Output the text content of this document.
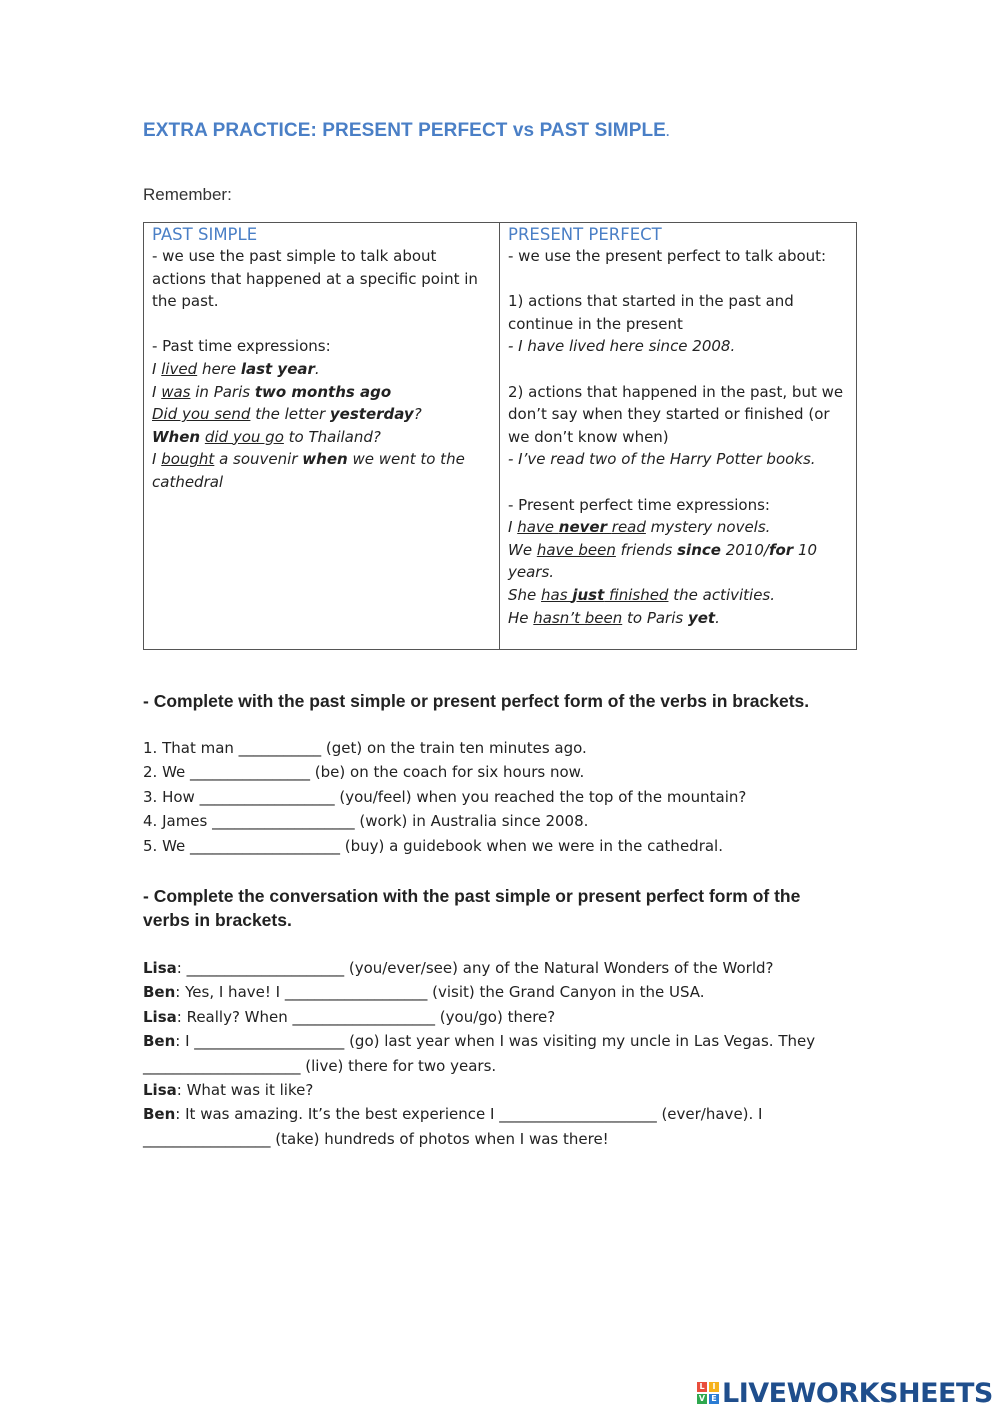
EXTRA PRACTICE: PRESENT PERFECT vs PAST SIMPLE.
Remember:
PAST SIMPLE
- we use the past simple to talk about
actions that happened at a specific point in
the past.
- Past time expressions:
I lived here last year.
I was in Paris two months ago
Did you send the letter yesterday?
When did you go to Thailand?
I bought a souvenir when we went to the
cathedral
PRESENT PERFECT
- we use the present perfect to talk about:
1) actions that started in the past and
continue in the present
- I have lived here since 2008.
2) actions that happened in the past, but we
don’t say when they started or finished (or
we don’t know when)
- I’ve read two of the Harry Potter books.
- Present perfect time expressions:
I have never read mystery novels.
We have been friends since 2010/for 10
years.
She has just finished the activities.
He hasn’t been to Paris yet.
- Complete with the past simple or present perfect form of the verbs in brackets.
1. That man ___________ (get) on the train ten minutes ago.
2. We ________________ (be) on the coach for six hours now.
3. How __________________ (you/feel) when you reached the top of the mountain?
4. James ___________________ (work) in Australia since 2008.
5. We ____________________ (buy) a guidebook when we were in the cathedral.
- Complete the conversation with the past simple or present perfect form of the
verbs in brackets.
Lisa: _____________________ (you/ever/see) any of the Natural Wonders of the World?
Ben: Yes, I have! I ___________________ (visit) the Grand Canyon in the USA.
Lisa: Really? When ___________________ (you/go) there?
Ben: I ____________________ (go) last year when I was visiting my uncle in Las Vegas. They
_____________________ (live) there for two years.
Lisa: What was it like?
Ben: It was amazing. It’s the best experience I _____________________ (ever/have). I
_________________ (take) hundreds of photos when I was there!
L I
V E LIVEWORKSHEETS
